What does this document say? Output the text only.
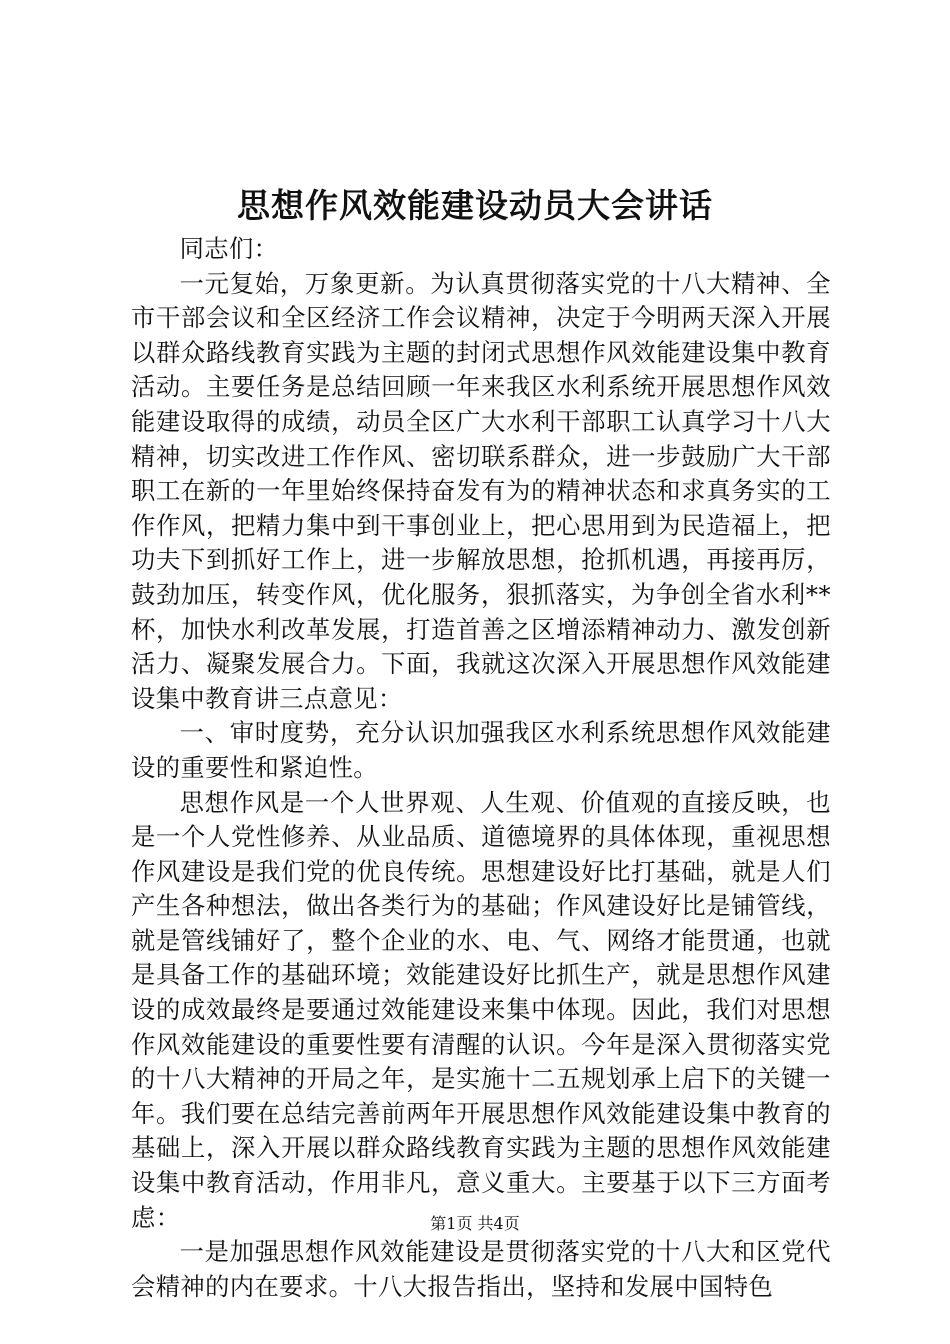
思想作风效能建设动员大会讲话

同志们：

一元复始，万象更新。为认真贯彻落实党的十八大精神、全市干部会议和全区经济工作会议精神，决定于今明两天深入开展以群众路线教育实践为主题的封闭式思想作风效能建设集中教育活动。主要任务是总结回顾一年来我区水利系统开展思想作风效能建设取得的成绩，动员全区广大水利干部职工认真学习十八大精神，切实改进工作作风、密切联系群众，进一步鼓励广大干部职工在新的一年里始终保持奋发有为的精神状态和求真务实的工作作风，把精力集中到干事创业上，把心思用到为民造福上，把功夫下到抓好工作上，进一步解放思想，抢抓机遇，再接再厉，鼓劲加压，转变作风，优化服务，狠抓落实，为争创全省水利**杯，加快水利改革发展，打造首善之区增添精神动力、激发创新活力、凝聚发展合力。下面，我就这次深入开展思想作风效能建设集中教育讲三点意见：

一、审时度势，充分认识加强我区水利系统思想作风效能建设的重要性和紧迫性。

思想作风是一个人世界观、人生观、价值观的直接反映，也是一个人党性修养、从业品质、道德境界的具体体现，重视思想作风建设是我们党的优良传统。思想建设好比打基础，就是人们产生各种想法，做出各类行为的基础；作风建设好比是铺管线，就是管线铺好了，整个企业的水、电、气、网络才能贯通，也就是具备工作的基础环境；效能建设好比抓生产，就是思想作风建设的成效最终是要通过效能建设来集中体现。因此，我们对思想作风效能建设的重要性要有清醒的认识。今年是深入贯彻落实党的十八大精神的开局之年，是实施十二五规划承上启下的关键一年。我们要在总结完善前两年开展思想作风效能建设集中教育的基础上，深入开展以群众路线教育实践为主题的思想作风效能建设集中教育活动，作用非凡，意义重大。主要基于以下三方面考虑：

一是加强思想作风效能建设是贯彻落实党的十八大和区党代会精神的内在要求。十八大报告指出，坚持和发展中国特色

第1页 共4页
